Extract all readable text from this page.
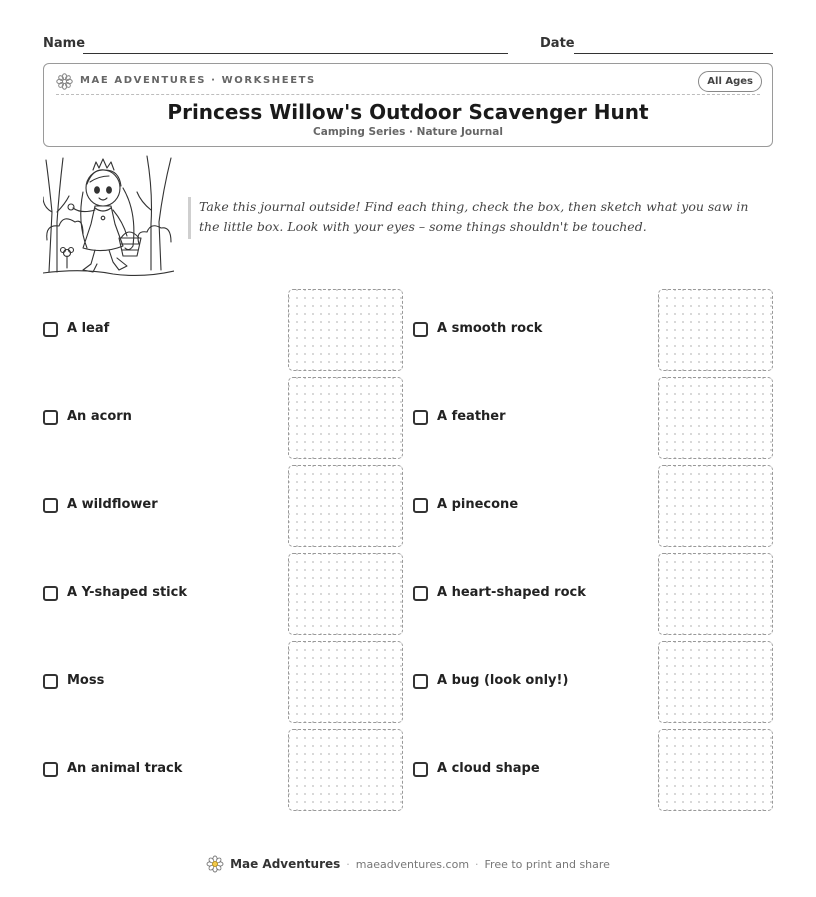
Name	Date
MAE ADVENTURES · WORKSHEETS	All Ages
Princess Willow's Outdoor Scavenger Hunt
Camping Series · Nature Journal
Take this journal outside! Find each thing, check the box, then sketch what you saw in the little box. Look with your eyes – some things shouldn't be touched.
A leaf
An acorn
A wildflower
A Y-shaped stick
Moss
An animal track
A smooth rock
A feather
A pinecone
A heart-shaped rock
A bug (look only!)
A cloud shape
Mae Adventures · maeadventures.com · Free to print and share
